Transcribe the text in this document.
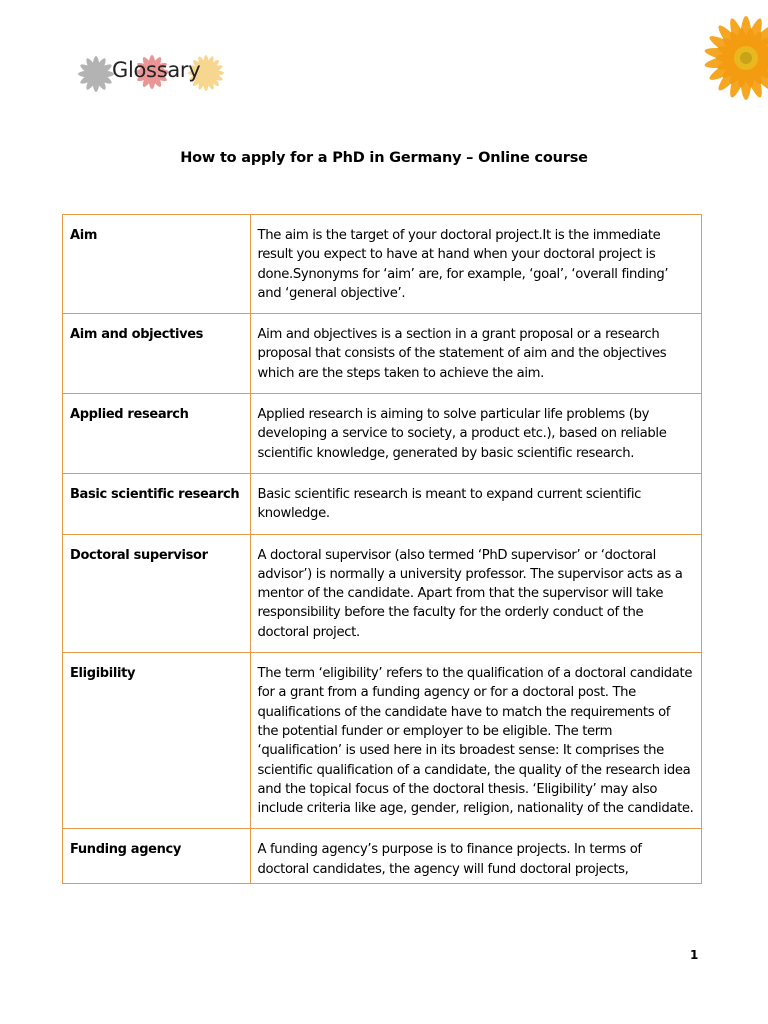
Glossary
How to apply for a PhD in Germany – Online course
Aim	The aim is the target of your doctoral project.It is the immediate result you expect to have at hand when your doctoral project is done.Synonyms for ‘aim’ are, for example, ‘goal’, ‘overall finding’ and ‘general objective’.
Aim and objectives	Aim and objectives is a section in a grant proposal or a research proposal that consists of the statement of aim and the objectives which are the steps taken to achieve the aim.
Applied research	Applied research is aiming to solve particular life problems (by developing a service to society, a product etc.), based on reliable scientific knowledge, generated by basic scientific research.
Basic scientific research	Basic scientific research is meant to expand current scientific knowledge.
Doctoral supervisor	A doctoral supervisor (also termed ‘PhD supervisor’ or ‘doctoral advisor’) is normally a university professor. The supervisor acts as a mentor of the candidate. Apart from that the supervisor will take responsibility before the faculty for the orderly conduct of the doctoral project.
Eligibility	The term ‘eligibility’ refers to the qualification of a doctoral candidate for a grant from a funding agency or for a doctoral post. The qualifications of the candidate have to match the requirements of the potential funder or employer to be eligible. The term ‘qualification’ is used here in its broadest sense: It comprises the scientific qualification of a candidate, the quality of the research idea and the topical focus of the doctoral thesis. ‘Eligibility’ may also include criteria like age, gender, religion, nationality of the candidate.
Funding agency	A funding agency’s purpose is to finance projects. In terms of doctoral candidates, the agency will fund doctoral projects,
1
